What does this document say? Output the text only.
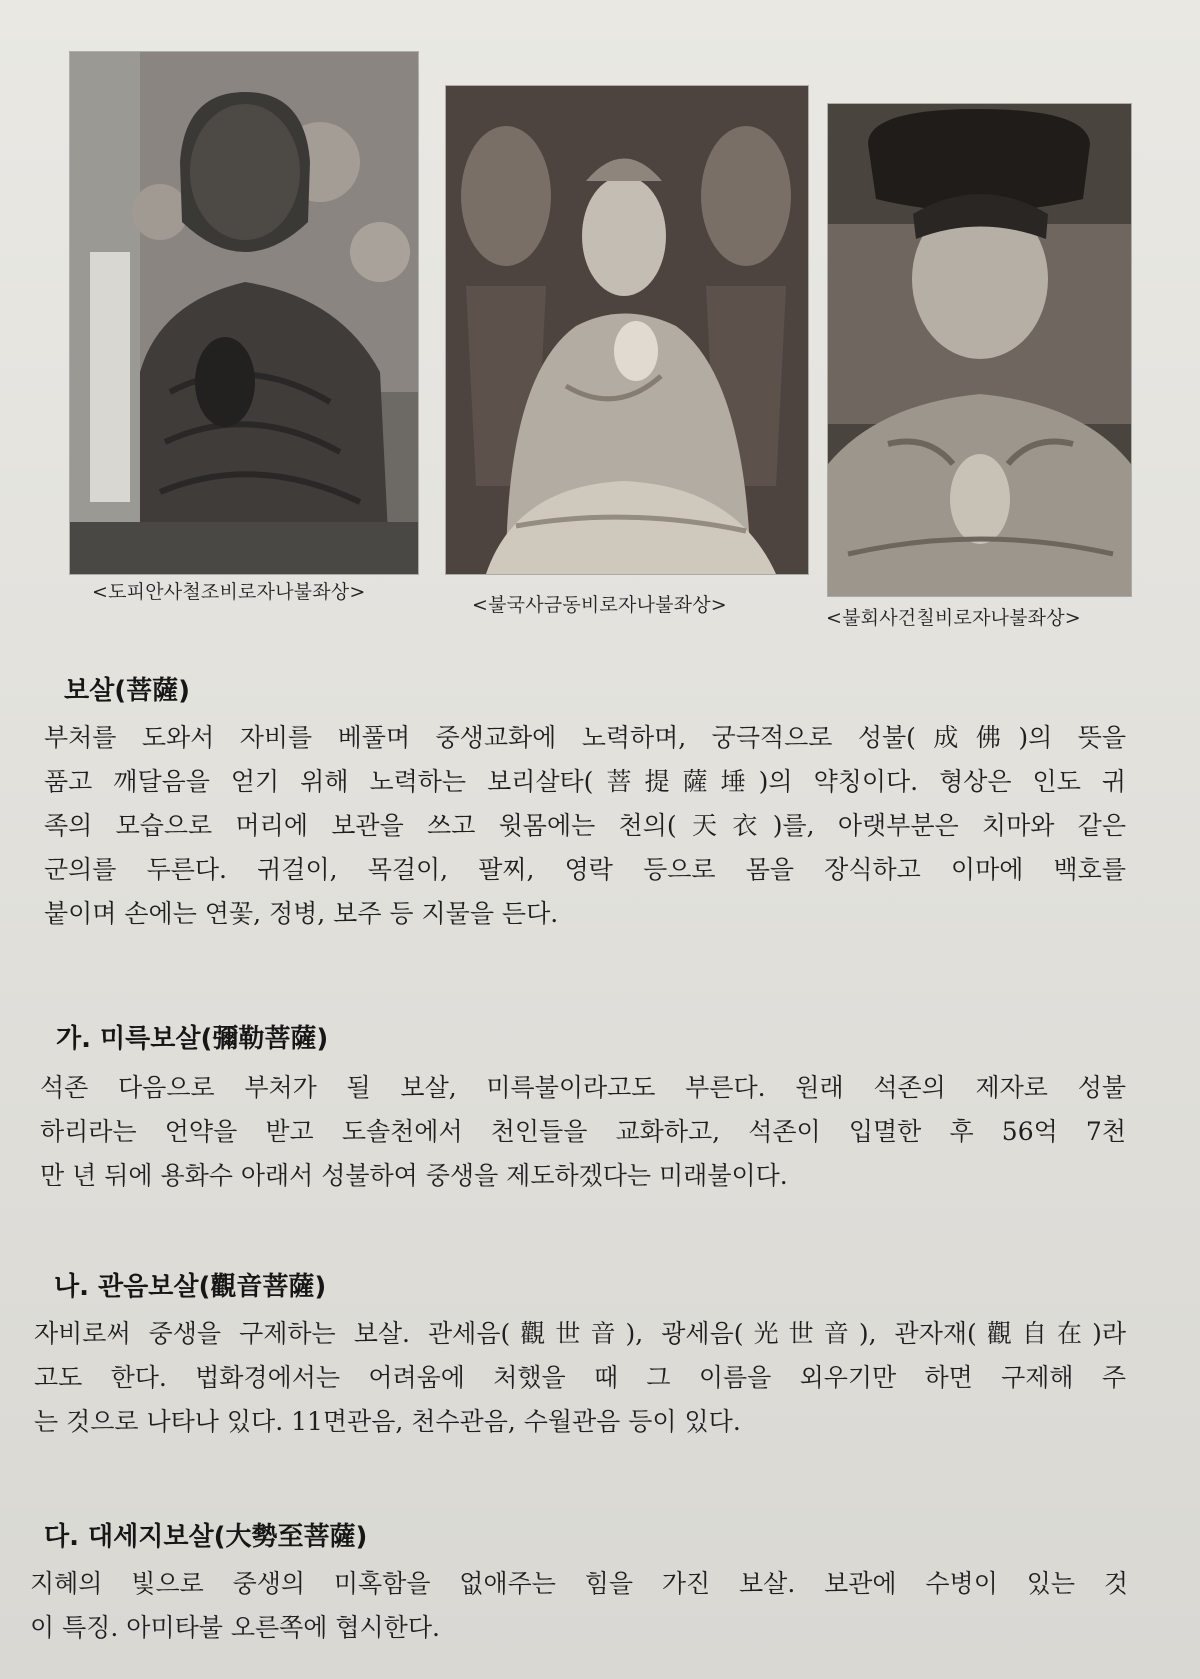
<도피안사철조비로자나불좌상>
<불국사금동비로자나불좌상>
<불회사건칠비로자나불좌상>
보살(菩薩)
부처를 도와서 자비를 베풀며 중생교화에 노력하며, 궁극적으로 성불(成佛)의 뜻을
품고 깨달음을 얻기 위해 노력하는 보리살타(菩提薩埵)의 약칭이다. 형상은 인도 귀
족의 모습으로 머리에 보관을 쓰고 윗몸에는 천의(天衣)를, 아랫부분은 치마와 같은
군의를 두른다. 귀걸이, 목걸이, 팔찌, 영락 등으로 몸을 장식하고 이마에 백호를
붙이며 손에는 연꽃, 정병, 보주 등 지물을 든다.
가. 미륵보살(彌勒菩薩)
석존 다음으로 부처가 될 보살, 미륵불이라고도 부른다. 원래 석존의 제자로 성불
하리라는 언약을 받고 도솔천에서 천인들을 교화하고, 석존이 입멸한 후 56억 7천
만 년 뒤에 용화수 아래서 성불하여 중생을 제도하겠다는 미래불이다.
나. 관음보살(觀音菩薩)
자비로써 중생을 구제하는 보살. 관세음(觀世音), 광세음(光世音), 관자재(觀自在)라
고도 한다. 법화경에서는 어려움에 처했을 때 그 이름을 외우기만 하면 구제해 주
는 것으로 나타나 있다. 11면관음, 천수관음, 수월관음 등이 있다.
다. 대세지보살(大勢至菩薩)
지혜의 빛으로 중생의 미혹함을 없애주는 힘을 가진 보살. 보관에 수병이 있는 것
이 특징. 아미타불 오른쪽에 협시한다.
